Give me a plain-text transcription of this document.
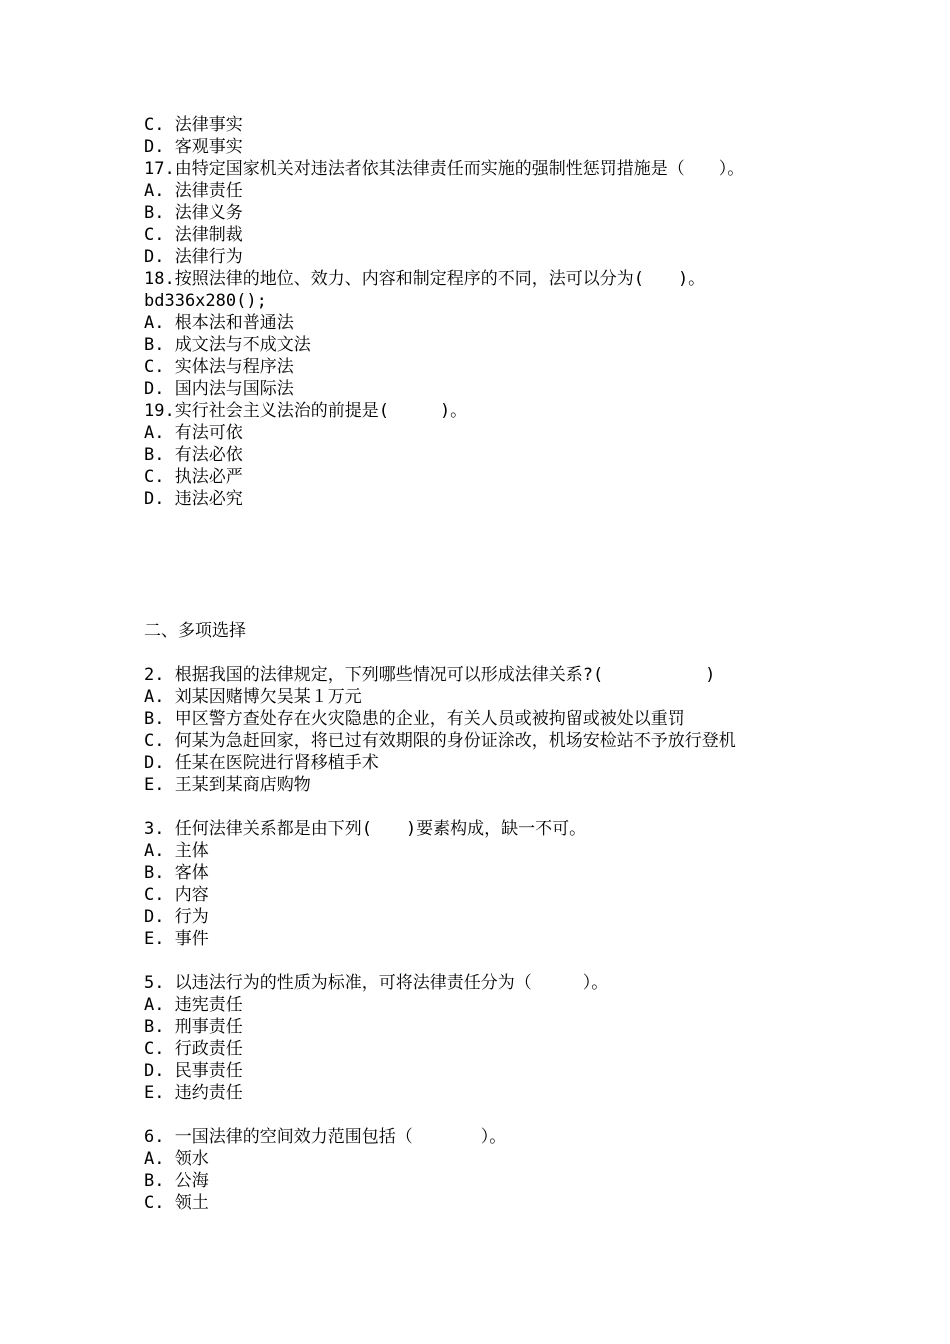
C. 法律事实
D. 客观事实
17.由特定国家机关对违法者依其法律责任而实施的强制性惩罚措施是（　　）。
A. 法律责任
B. 法律义务
C. 法律制裁
D. 法律行为
18.按照法律的地位、效力、内容和制定程序的不同，法可以分为(　　)。
bd336x280();
A. 根本法和普通法
B. 成文法与不成文法
C. 实体法与程序法
D. 国内法与国际法
19.实行社会主义法治的前提是(　　　)。
A. 有法可依
B. 有法必依
C. 执法必严
D. 违法必究
二、多项选择
2. 根据我国的法律规定，下列哪些情况可以形成法律关系?(　　　　　　)
A. 刘某因赌博欠吴某１万元
B. 甲区警方查处存在火灾隐患的企业，有关人员或被拘留或被处以重罚
C. 何某为急赶回家，将已过有效期限的身份证涂改，机场安检站不予放行登机
D. 任某在医院进行肾移植手术
E. 王某到某商店购物
3. 任何法律关系都是由下列(　　)要素构成，缺一不可。
A. 主体
B. 客体
C. 内容
D. 行为
E. 事件
5. 以违法行为的性质为标准，可将法律责任分为（　　　）。
A. 违宪责任
B. 刑事责任
C. 行政责任
D. 民事责任
E. 违约责任
6. 一国法律的空间效力范围包括（　　　　）。
A. 领水
B. 公海
C. 领土
